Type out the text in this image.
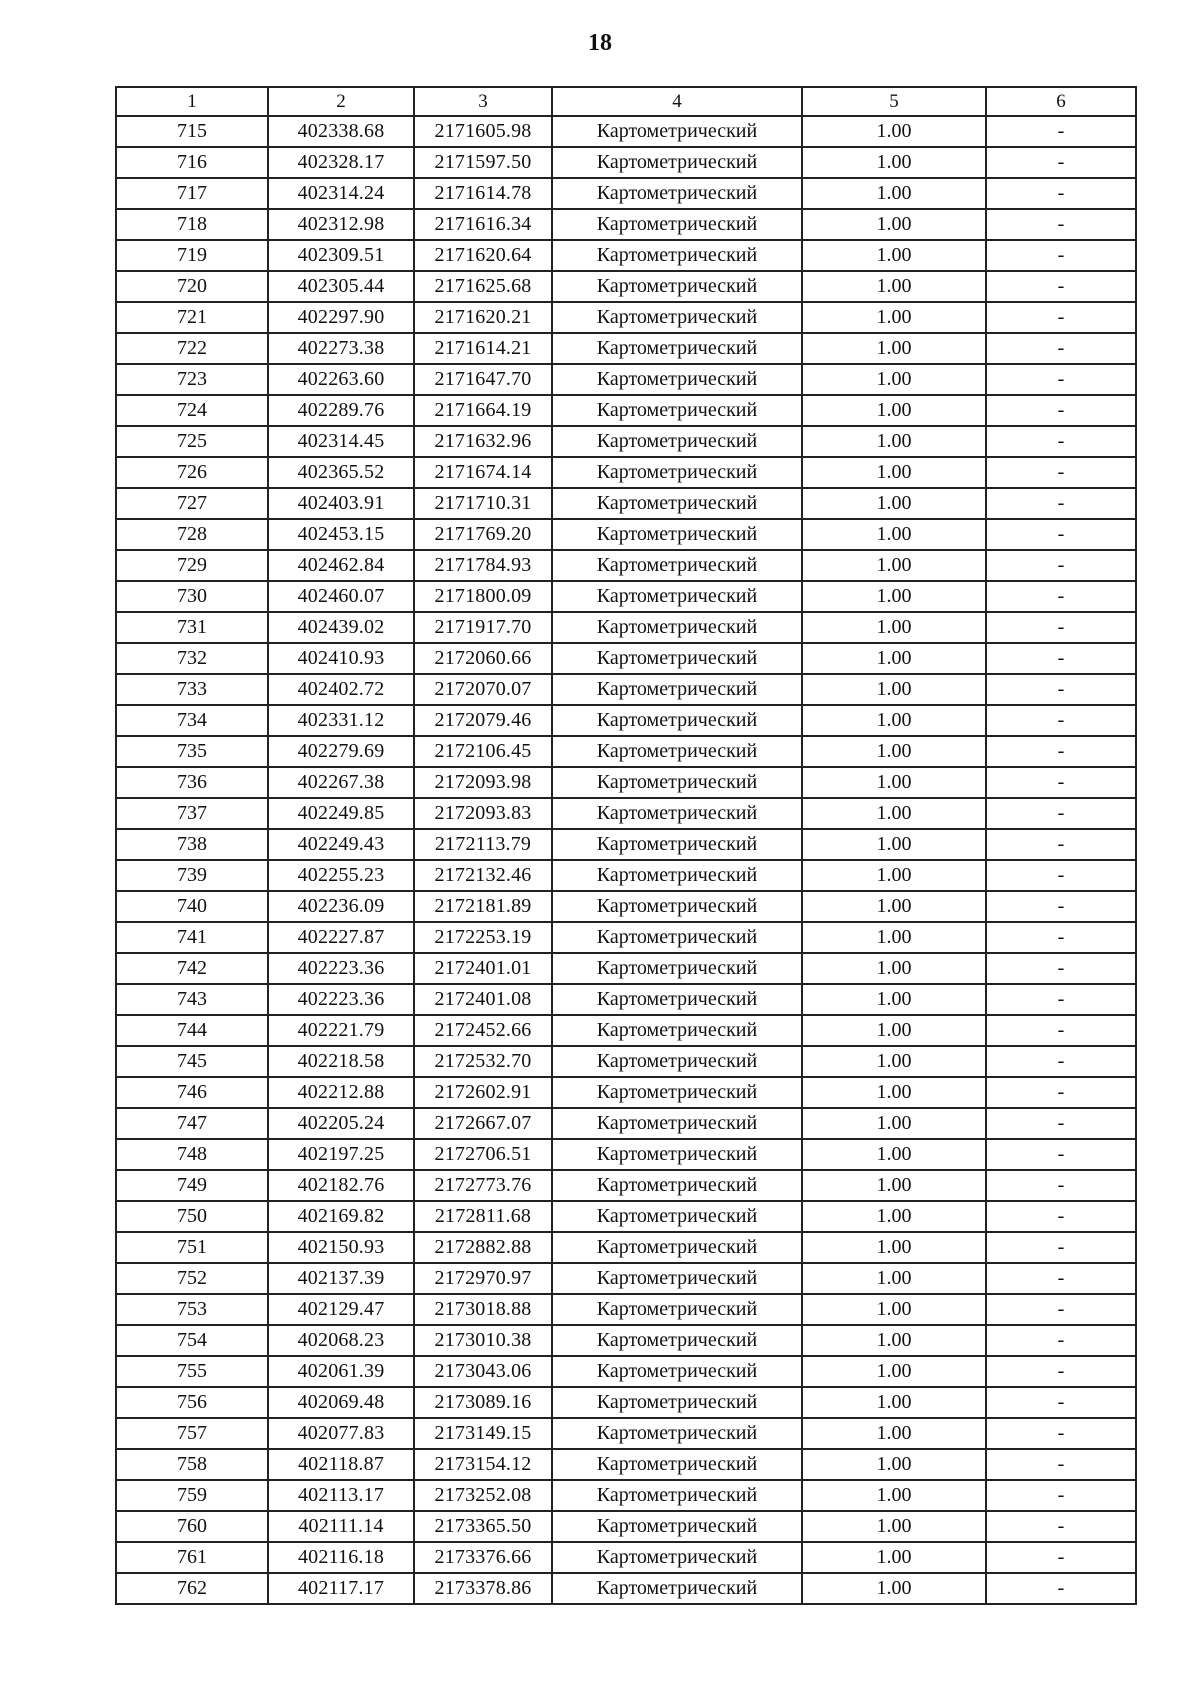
18
1	2	3	4	5	6
715	402338.68	2171605.98	Картометрический	1.00	-
716	402328.17	2171597.50	Картометрический	1.00	-
717	402314.24	2171614.78	Картометрический	1.00	-
718	402312.98	2171616.34	Картометрический	1.00	-
719	402309.51	2171620.64	Картометрический	1.00	-
720	402305.44	2171625.68	Картометрический	1.00	-
721	402297.90	2171620.21	Картометрический	1.00	-
722	402273.38	2171614.21	Картометрический	1.00	-
723	402263.60	2171647.70	Картометрический	1.00	-
724	402289.76	2171664.19	Картометрический	1.00	-
725	402314.45	2171632.96	Картометрический	1.00	-
726	402365.52	2171674.14	Картометрический	1.00	-
727	402403.91	2171710.31	Картометрический	1.00	-
728	402453.15	2171769.20	Картометрический	1.00	-
729	402462.84	2171784.93	Картометрический	1.00	-
730	402460.07	2171800.09	Картометрический	1.00	-
731	402439.02	2171917.70	Картометрический	1.00	-
732	402410.93	2172060.66	Картометрический	1.00	-
733	402402.72	2172070.07	Картометрический	1.00	-
734	402331.12	2172079.46	Картометрический	1.00	-
735	402279.69	2172106.45	Картометрический	1.00	-
736	402267.38	2172093.98	Картометрический	1.00	-
737	402249.85	2172093.83	Картометрический	1.00	-
738	402249.43	2172113.79	Картометрический	1.00	-
739	402255.23	2172132.46	Картометрический	1.00	-
740	402236.09	2172181.89	Картометрический	1.00	-
741	402227.87	2172253.19	Картометрический	1.00	-
742	402223.36	2172401.01	Картометрический	1.00	-
743	402223.36	2172401.08	Картометрический	1.00	-
744	402221.79	2172452.66	Картометрический	1.00	-
745	402218.58	2172532.70	Картометрический	1.00	-
746	402212.88	2172602.91	Картометрический	1.00	-
747	402205.24	2172667.07	Картометрический	1.00	-
748	402197.25	2172706.51	Картометрический	1.00	-
749	402182.76	2172773.76	Картометрический	1.00	-
750	402169.82	2172811.68	Картометрический	1.00	-
751	402150.93	2172882.88	Картометрический	1.00	-
752	402137.39	2172970.97	Картометрический	1.00	-
753	402129.47	2173018.88	Картометрический	1.00	-
754	402068.23	2173010.38	Картометрический	1.00	-
755	402061.39	2173043.06	Картометрический	1.00	-
756	402069.48	2173089.16	Картометрический	1.00	-
757	402077.83	2173149.15	Картометрический	1.00	-
758	402118.87	2173154.12	Картометрический	1.00	-
759	402113.17	2173252.08	Картометрический	1.00	-
760	402111.14	2173365.50	Картометрический	1.00	-
761	402116.18	2173376.66	Картометрический	1.00	-
762	402117.17	2173378.86	Картометрический	1.00	-
